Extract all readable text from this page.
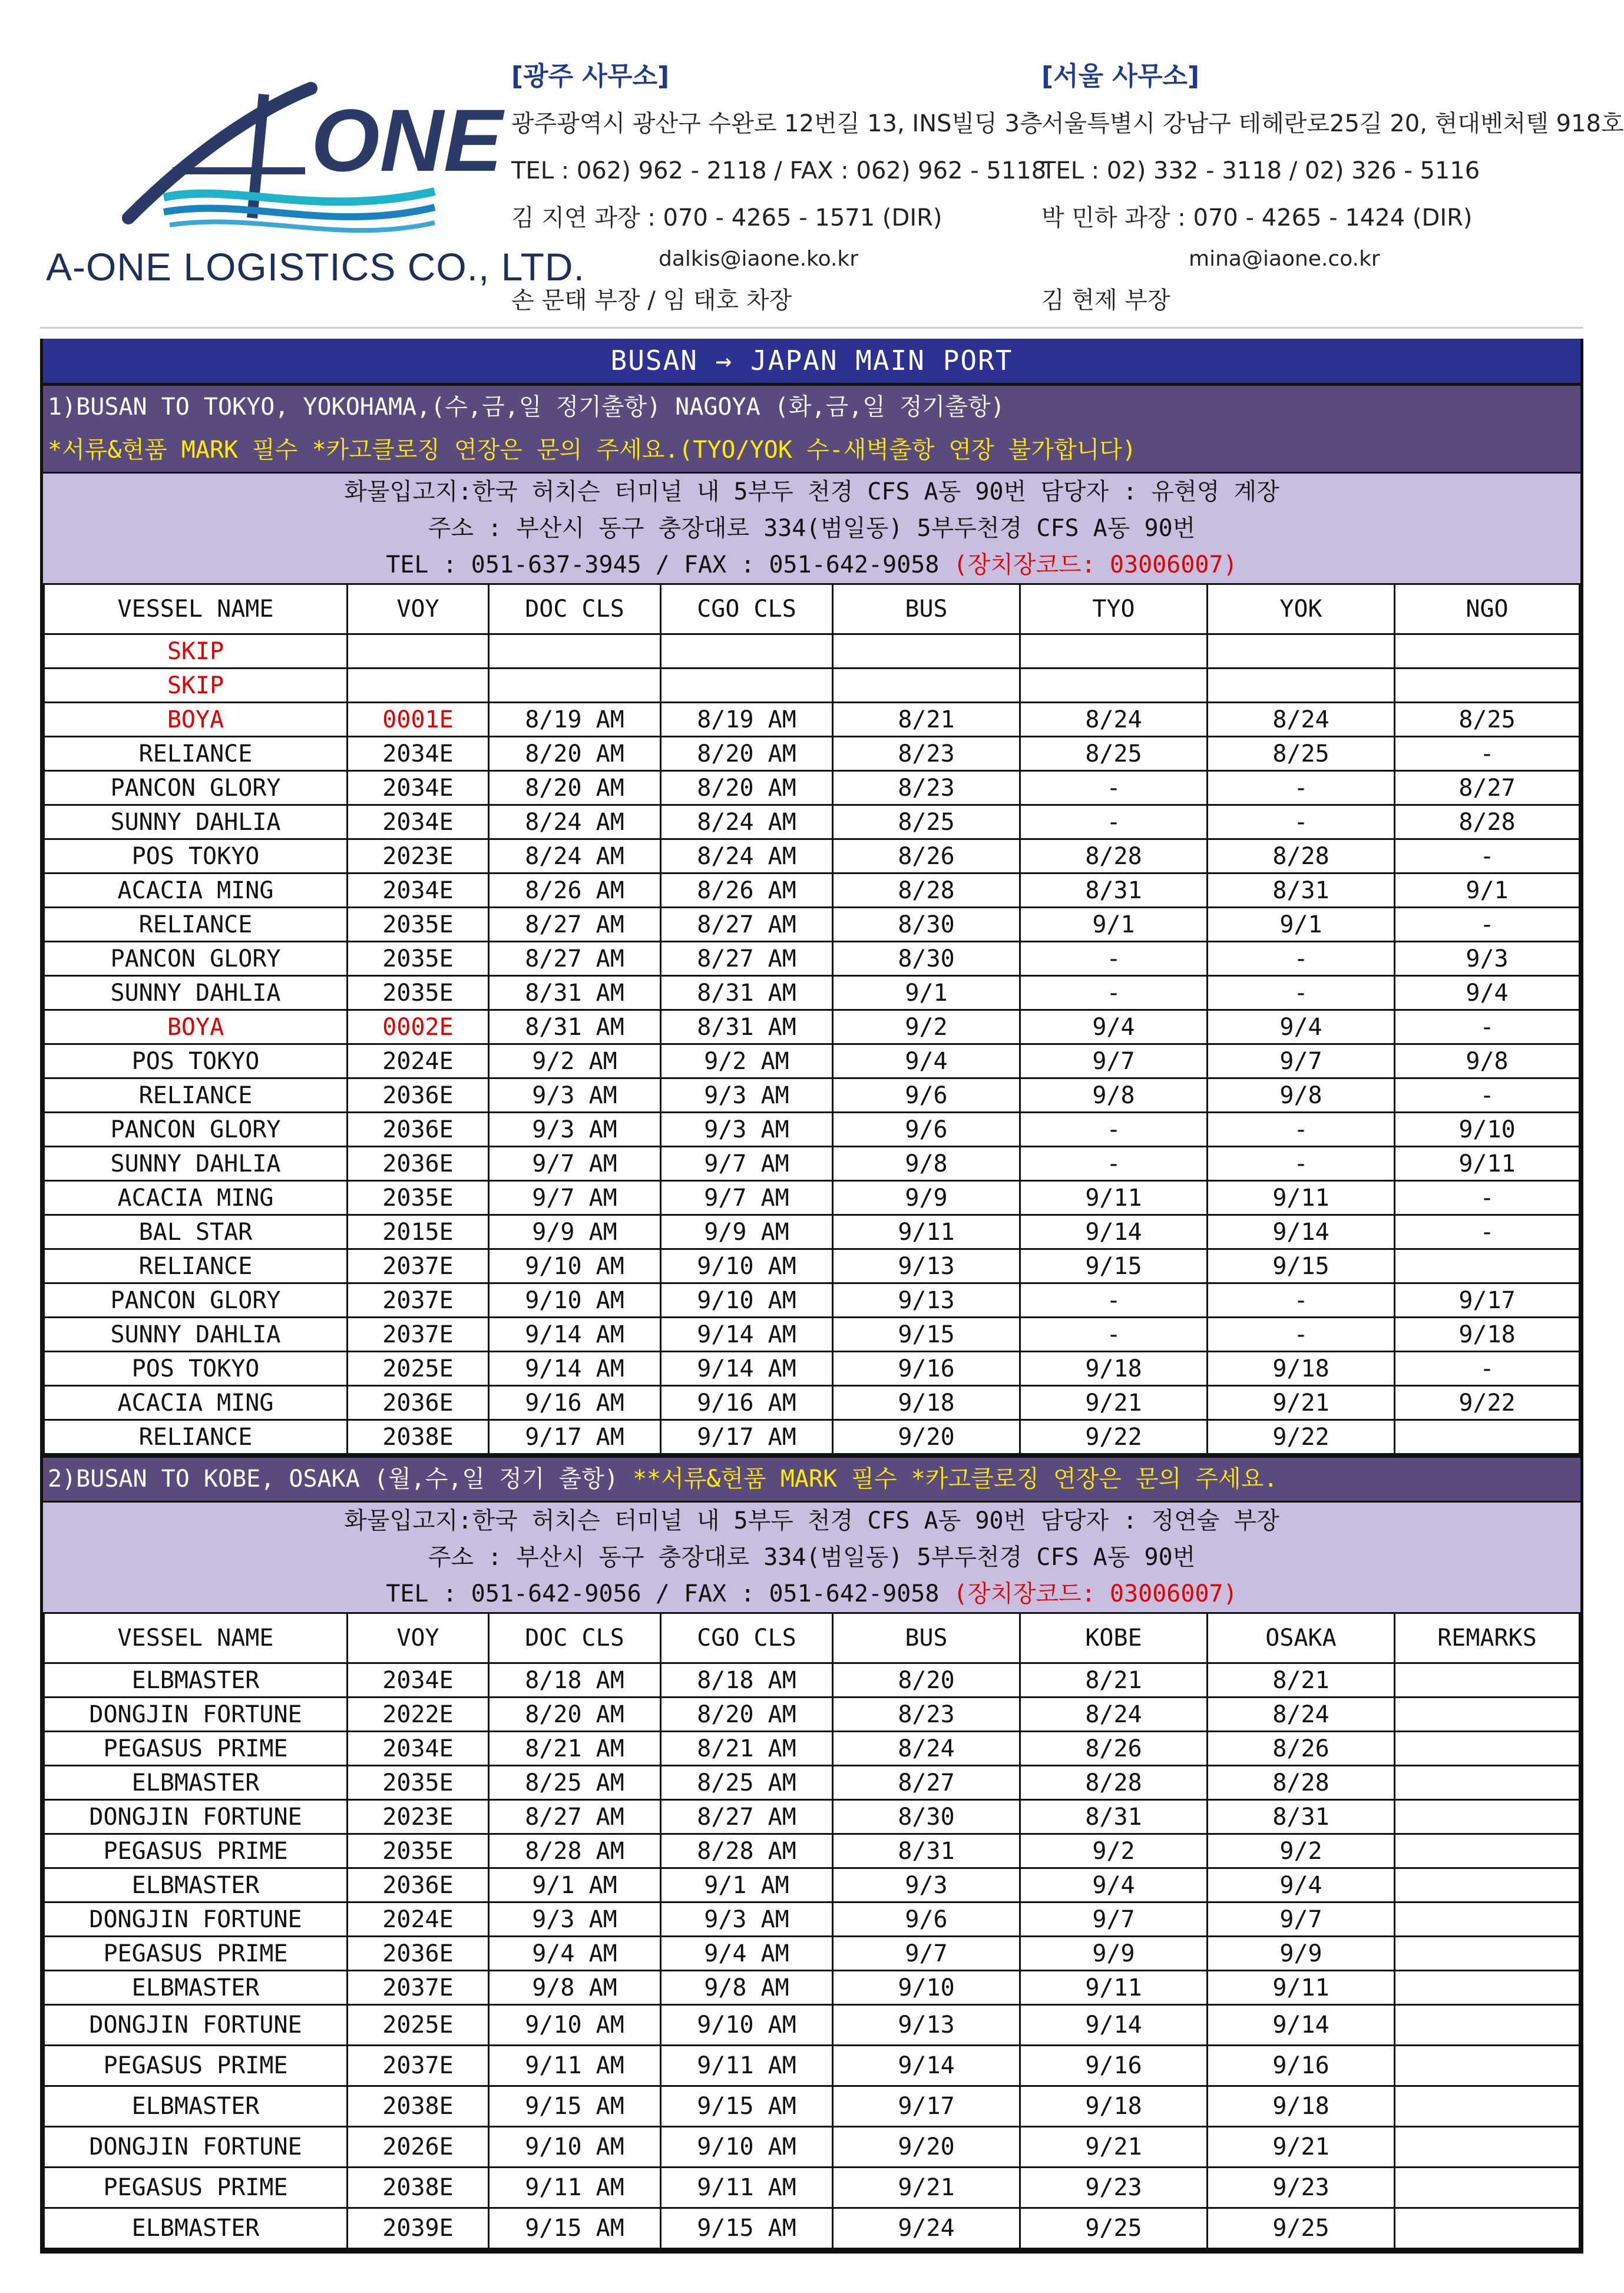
ONE
A-ONE LOGISTICS CO., LTD.
[광주 사무소]
광주광역시 광산구 수완로 12번길 13, INS빌딩 3층
TEL : 062) 962 - 2118 / FAX : 062) 962 - 5118
김 지연 과장 : 070 - 4265 - 1571 (DIR)
dalkis@iaone.ko.kr
손 문태 부장 / 임 태호 차장
[서울 사무소]
서울특별시 강남구 테헤란로25길 20, 현대벤처텔 918호
TEL : 02) 332 - 3118 / 02) 326 - 5116
박 민하 과장 : 070 - 4265 - 1424 (DIR)
mina@iaone.co.kr
김 현제 부장
BUSAN → JAPAN MAIN PORT
1)BUSAN TO TOKYO, YOKOHAMA,(수,금,일 정기출항) NAGOYA (화,금,일 정기출항)
*서류&현품 MARK 필수 *카고클로징 연장은 문의 주세요.(TYO/YOK 수-새벽출항 연장 불가합니다)
화물입고지:한국 허치슨 터미널 내 5부두 천경 CFS A동 90번 담당자 : 유현영 계장
주소 : 부산시 동구 충장대로 334(범일동) 5부두천경 CFS A동 90번
TEL : 051-637-3945 / FAX : 051-642-9058 (장치장코드: 03006007)
VESSEL NAME	VOY	DOC CLS	CGO CLS	BUS	TYO	YOK	NGO
SKIP							
SKIP							
BOYA	0001E	8/19 AM	8/19 AM	8/21	8/24	8/24	8/25
RELIANCE	2034E	8/20 AM	8/20 AM	8/23	8/25	8/25	-
PANCON GLORY	2034E	8/20 AM	8/20 AM	8/23	-	-	8/27
SUNNY DAHLIA	2034E	8/24 AM	8/24 AM	8/25	-	-	8/28
POS TOKYO	2023E	8/24 AM	8/24 AM	8/26	8/28	8/28	-
ACACIA MING	2034E	8/26 AM	8/26 AM	8/28	8/31	8/31	9/1
RELIANCE	2035E	8/27 AM	8/27 AM	8/30	9/1	9/1	-
PANCON GLORY	2035E	8/27 AM	8/27 AM	8/30	-	-	9/3
SUNNY DAHLIA	2035E	8/31 AM	8/31 AM	9/1	-	-	9/4
BOYA	0002E	8/31 AM	8/31 AM	9/2	9/4	9/4	-
POS TOKYO	2024E	9/2 AM	9/2 AM	9/4	9/7	9/7	9/8
RELIANCE	2036E	9/3 AM	9/3 AM	9/6	9/8	9/8	-
PANCON GLORY	2036E	9/3 AM	9/3 AM	9/6	-	-	9/10
SUNNY DAHLIA	2036E	9/7 AM	9/7 AM	9/8	-	-	9/11
ACACIA MING	2035E	9/7 AM	9/7 AM	9/9	9/11	9/11	-
BAL STAR	2015E	9/9 AM	9/9 AM	9/11	9/14	9/14	-
RELIANCE	2037E	9/10 AM	9/10 AM	9/13	9/15	9/15	
PANCON GLORY	2037E	9/10 AM	9/10 AM	9/13	-	-	9/17
SUNNY DAHLIA	2037E	9/14 AM	9/14 AM	9/15	-	-	9/18
POS TOKYO	2025E	9/14 AM	9/14 AM	9/16	9/18	9/18	-
ACACIA MING	2036E	9/16 AM	9/16 AM	9/18	9/21	9/21	9/22
RELIANCE	2038E	9/17 AM	9/17 AM	9/20	9/22	9/22	
2)BUSAN TO KOBE, OSAKA (월,수,일 정기 출항) **서류&현품 MARK 필수 *카고클로징 연장은 문의 주세요.
화물입고지:한국 허치슨 터미널 내 5부두 천경 CFS A동 90번 담당자 : 정연술 부장
주소 : 부산시 동구 충장대로 334(범일동) 5부두천경 CFS A동 90번
TEL : 051-642-9056 / FAX : 051-642-9058 (장치장코드: 03006007)
VESSEL NAME	VOY	DOC CLS	CGO CLS	BUS	KOBE	OSAKA	REMARKS
ELBMASTER	2034E	8/18 AM	8/18 AM	8/20	8/21	8/21	
DONGJIN FORTUNE	2022E	8/20 AM	8/20 AM	8/23	8/24	8/24	
PEGASUS PRIME	2034E	8/21 AM	8/21 AM	8/24	8/26	8/26	
ELBMASTER	2035E	8/25 AM	8/25 AM	8/27	8/28	8/28	
DONGJIN FORTUNE	2023E	8/27 AM	8/27 AM	8/30	8/31	8/31	
PEGASUS PRIME	2035E	8/28 AM	8/28 AM	8/31	9/2	9/2	
ELBMASTER	2036E	9/1 AM	9/1 AM	9/3	9/4	9/4	
DONGJIN FORTUNE	2024E	9/3 AM	9/3 AM	9/6	9/7	9/7	
PEGASUS PRIME	2036E	9/4 AM	9/4 AM	9/7	9/9	9/9	
ELBMASTER	2037E	9/8 AM	9/8 AM	9/10	9/11	9/11	
DONGJIN FORTUNE	2025E	9/10 AM	9/10 AM	9/13	9/14	9/14	
PEGASUS PRIME	2037E	9/11 AM	9/11 AM	9/14	9/16	9/16	
ELBMASTER	2038E	9/15 AM	9/15 AM	9/17	9/18	9/18	
DONGJIN FORTUNE	2026E	9/10 AM	9/10 AM	9/20	9/21	9/21	
PEGASUS PRIME	2038E	9/11 AM	9/11 AM	9/21	9/23	9/23	
ELBMASTER	2039E	9/15 AM	9/15 AM	9/24	9/25	9/25	
